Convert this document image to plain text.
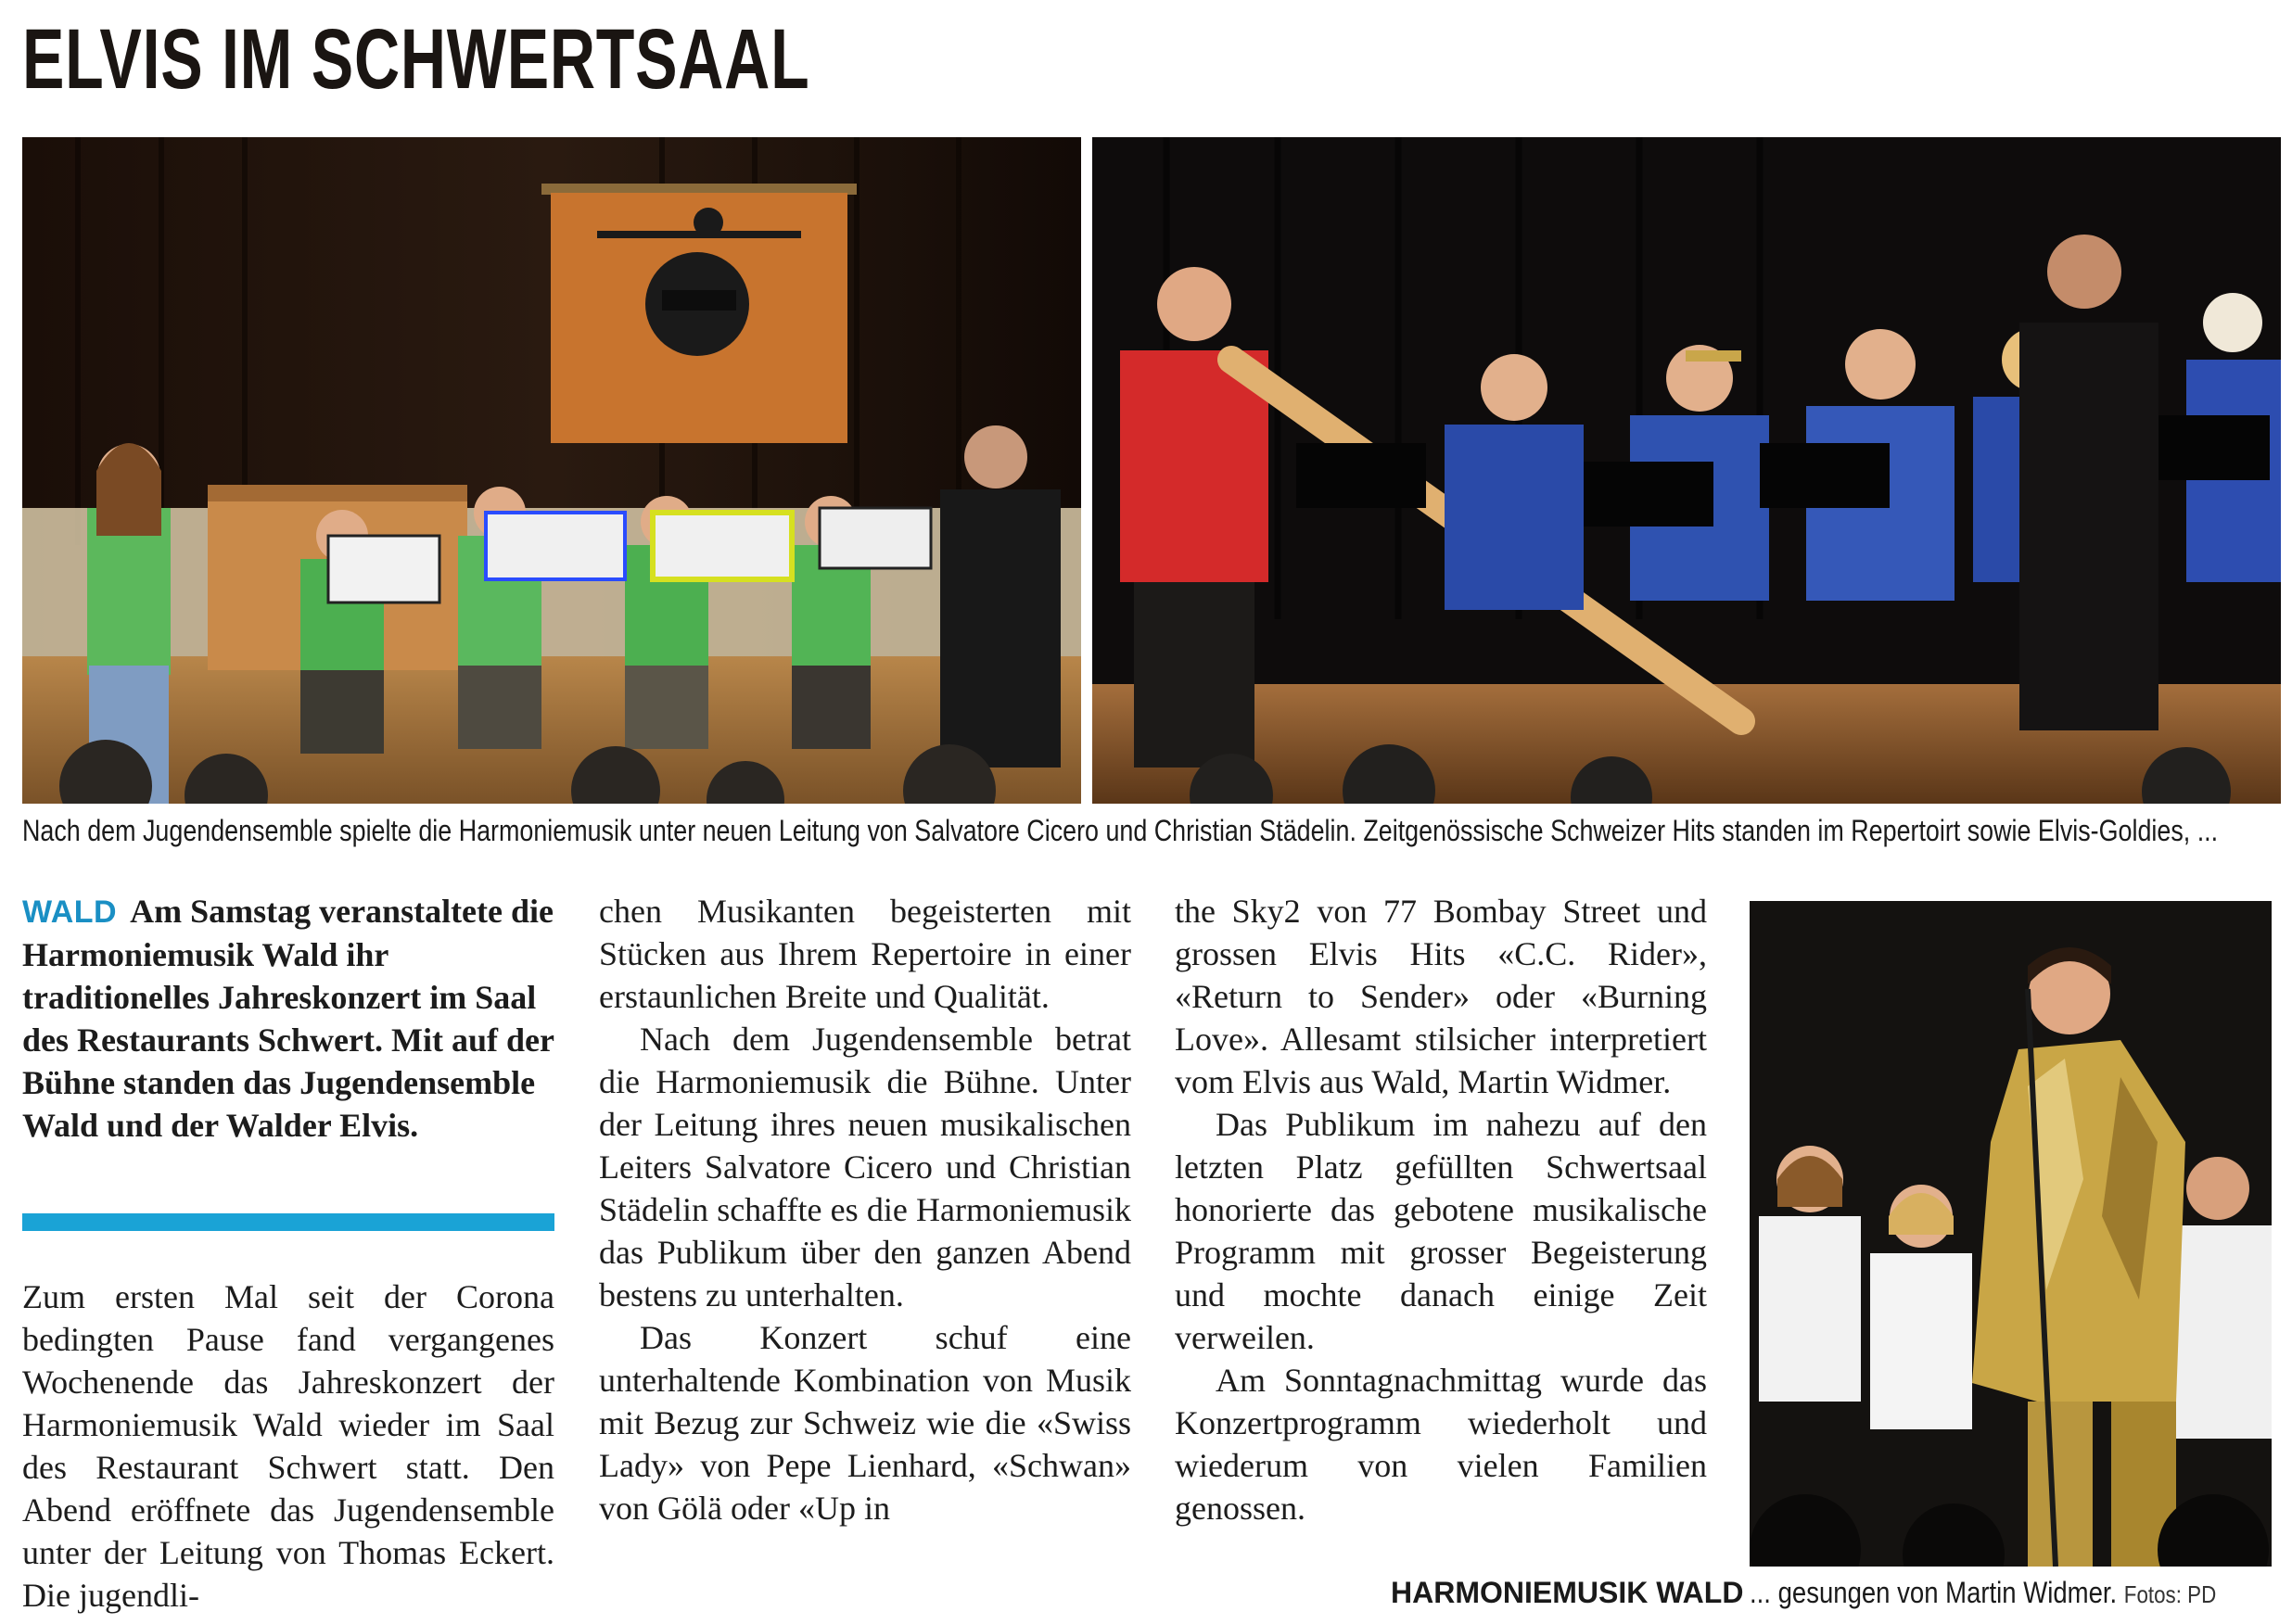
ELVIS IM SCHWERTSAAL
Nach dem Jugendensemble spielte die Harmoniemusik unter neuen Leitung von Salvatore Cicero und Christian Städelin. Zeitgenössische Schweizer Hits standen im Repertoirt sowie Elvis-Goldies, ...

WALD Am Samstag veranstaltete die Harmoniemusik Wald ihr traditionelles Jahreskonzert im Saal des Restaurants Schwert. Mit auf der Bühne standen das Jugendensemble Wald und der Walder Elvis.

Zum ersten Mal seit der Corona bedingten Pause fand vergangenes Wochenende das Jahreskonzert der Harmoniemusik Wald wieder im Saal des Restaurant Schwert statt. Den Abend eröffnete das Jugendensemble unter der Leitung von Thomas Eckert. Die jugendli-

chen Musikanten begeisterten mit Stücken aus Ihrem Repertoire in einer erstaunlichen Breite und Qualität.

Nach dem Jugendensemble betrat die Harmoniemusik die Bühne. Unter der Leitung ihres neuen musikalischen Leiters Salvatore Cicero und Christian Städelin schaffte es die Harmoniemusik das Publikum über den ganzen Abend bestens zu unterhalten.

Das Konzert schuf eine unterhaltende Kombination von Musik mit Bezug zur Schweiz wie die «Swiss Lady» von Pepe Lienhard, «Schwan» von Gölä oder «Up in

the Sky2 von 77 Bombay Street und grossen Elvis Hits «C.C. Rider», «Return to Sender» oder «Burning Love». Allesamt stilsicher interpretiert vom Elvis aus Wald, Martin Widmer.

Das Publikum im nahezu auf den letzten Platz gefüllten Schwertsaal honorierte das gebotene musikalische Programm mit grosser Begeisterung und mochte danach einige Zeit verweilen.

Am Sonntagnachmittag wurde das Konzertprogramm wiederholt und wiederum von vielen Familien genossen.

HARMONIEMUSIK WALD ... gesungen von Martin Widmer. Fotos: PD
